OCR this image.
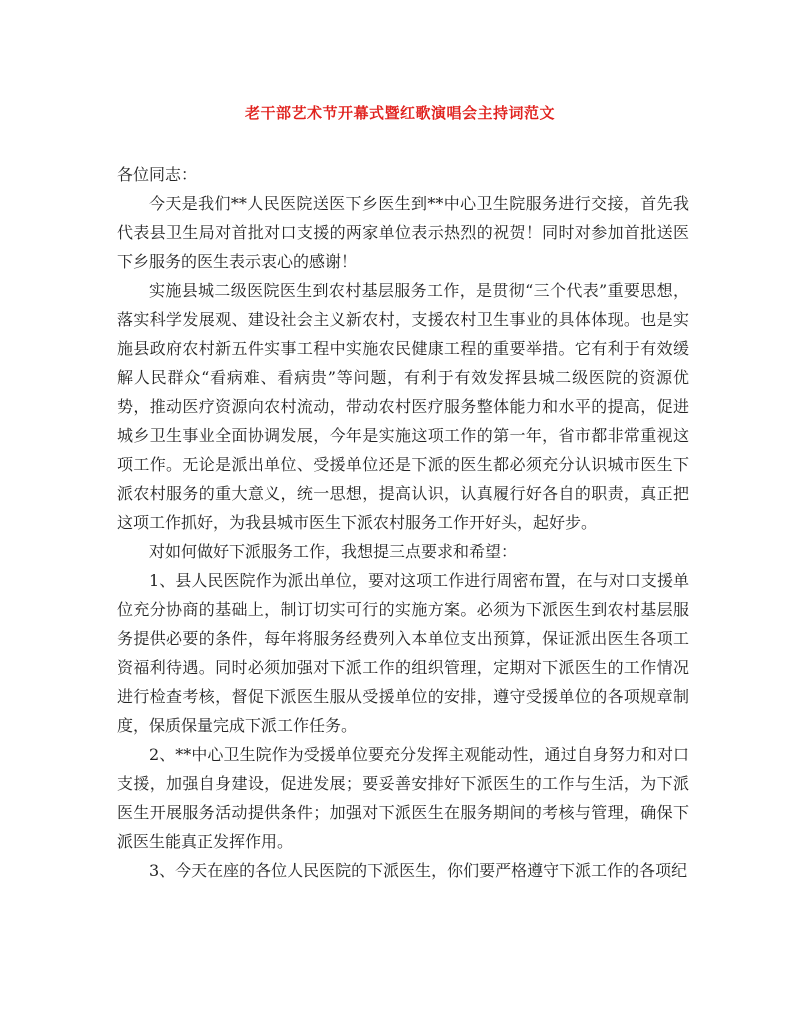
老干部艺术节开幕式暨红歌演唱会主持词范文

各位同志：

今天是我们**人民医院送医下乡医生到**中心卫生院服务进行交接，首先我代表县卫生局对首批对口支援的两家单位表示热烈的祝贺！同时对参加首批送医下乡服务的医生表示衷心的感谢！

实施县城二级医院医生到农村基层服务工作，是贯彻“三个代表”重要思想，落实科学发展观、建设社会主义新农村，支援农村卫生事业的具体体现。也是实施县政府农村新五件实事工程中实施农民健康工程的重要举措。它有利于有效缓解人民群众“看病难、看病贵”等问题，有利于有效发挥县城二级医院的资源优势，推动医疗资源向农村流动，带动农村医疗服务整体能力和水平的提高，促进城乡卫生事业全面协调发展，今年是实施这项工作的第一年，省市都非常重视这项工作。无论是派出单位、受援单位还是下派的医生都必须充分认识城市医生下派农村服务的重大意义，统一思想，提高认识，认真履行好各自的职责，真正把这项工作抓好，为我县城市医生下派农村服务工作开好头，起好步。

对如何做好下派服务工作，我想提三点要求和希望：

1、县人民医院作为派出单位，要对这项工作进行周密布置，在与对口支援单位充分协商的基础上，制订切实可行的实施方案。必须为下派医生到农村基层服务提供必要的条件，每年将服务经费列入本单位支出预算，保证派出医生各项工资福利待遇。同时必须加强对下派工作的组织管理，定期对下派医生的工作情况进行检查考核，督促下派医生服从受援单位的安排，遵守受援单位的各项规章制度，保质保量完成下派工作任务。

2、**中心卫生院作为受援单位要充分发挥主观能动性，通过自身努力和对口支援，加强自身建设，促进发展；要妥善安排好下派医生的工作与生活，为下派医生开展服务活动提供条件；加强对下派医生在服务期间的考核与管理，确保下派医生能真正发挥作用。

3、今天在座的各位人民医院的下派医生，你们要严格遵守下派工作的各项纪
